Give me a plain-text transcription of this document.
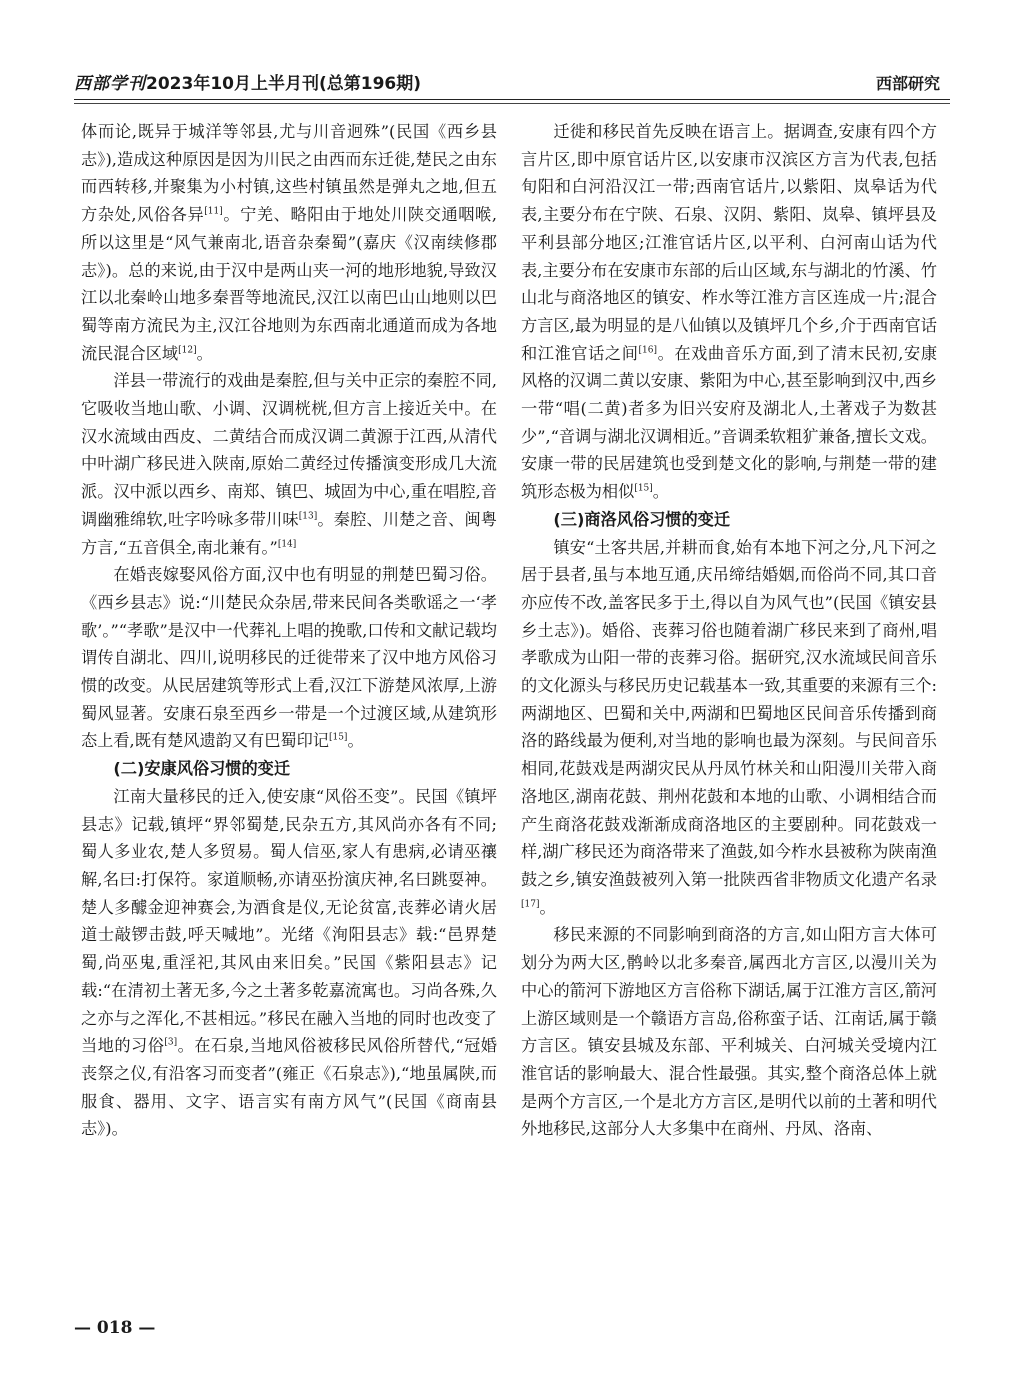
西部学刊2023年10月上半月刊(总第196期)	西部研究

体而论,既异于城洋等邻县,尤与川音迥殊”(民国《西乡县志》),造成这种原因是因为川民之由西而东迁徙,楚民之由东而西转移,并聚集为小村镇,这些村镇虽然是弹丸之地,但五方杂处,风俗各异[11]。宁羌、略阳由于地处川陕交通咽喉,所以这里是“风气兼南北,语音杂秦蜀”(嘉庆《汉南续修郡志》)。总的来说,由于汉中是两山夹一河的地形地貌,导致汉江以北秦岭山地多秦晋等地流民,汉江以南巴山山地则以巴蜀等南方流民为主,汉江谷地则为东西南北通道而成为各地流民混合区域[12]。

洋县一带流行的戏曲是秦腔,但与关中正宗的秦腔不同,它吸收当地山歌、小调、汉调桄桄,但方言上接近关中。在汉水流域由西皮、二黄结合而成汉调二黄源于江西,从清代中叶湖广移民进入陕南,原始二黄经过传播演变形成几大流派。汉中派以西乡、南郑、镇巴、城固为中心,重在唱腔,音调幽雅绵软,吐字吟咏多带川味[13]。秦腔、川楚之音、闽粤方言,“五音俱全,南北兼有。”[14]

在婚丧嫁娶风俗方面,汉中也有明显的荆楚巴蜀习俗。《西乡县志》说:“川楚民众杂居,带来民间各类歌谣之一‘孝歌’。”“孝歌”是汉中一代葬礼上唱的挽歌,口传和文献记载均谓传自湖北、四川,说明移民的迁徙带来了汉中地方风俗习惯的改变。从民居建筑等形式上看,汉江下游楚风浓厚,上游蜀风显著。安康石泉至西乡一带是一个过渡区域,从建筑形态上看,既有楚风遗韵又有巴蜀印记[15]。

(二)安康风俗习惯的变迁

江南大量移民的迁入,使安康“风俗丕变”。民国《镇坪县志》记载,镇坪“界邻蜀楚,民杂五方,其风尚亦各有不同;蜀人多业农,楚人多贸易。蜀人信巫,家人有患病,必请巫禳解,名曰:打保符。家道顺畅,亦请巫扮演庆神,名曰跳耍神。楚人多醵金迎神赛会,为酒食是仪,无论贫富,丧葬必请火居道士敲锣击鼓,呼天喊地”。光绪《洵阳县志》载:“邑界楚蜀,尚巫鬼,重淫祀,其风由来旧矣。”民国《紫阳县志》记载:“在清初土著无多,今之土著多乾嘉流寓也。习尚各殊,久之亦与之浑化,不甚相远。”移民在融入当地的同时也改变了当地的习俗[3]。在石泉,当地风俗被移民风俗所替代,“冠婚丧祭之仪,有沿客习而变者”(雍正《石泉志》),“地虽属陕,而服食、器用、文字、语言实有南方风气”(民国《商南县志》)。

迁徙和移民首先反映在语言上。据调查,安康有四个方言片区,即中原官话片区,以安康市汉滨区方言为代表,包括旬阳和白河沿汉江一带;西南官话片,以紫阳、岚皋话为代表,主要分布在宁陕、石泉、汉阴、紫阳、岚皋、镇坪县及平利县部分地区;江淮官话片区,以平利、白河南山话为代表,主要分布在安康市东部的后山区域,东与湖北的竹溪、竹山北与商洛地区的镇安、柞水等江淮方言区连成一片;混合方言区,最为明显的是八仙镇以及镇坪几个乡,介于西南官话和江淮官话之间[16]。在戏曲音乐方面,到了清末民初,安康风格的汉调二黄以安康、紫阳为中心,甚至影响到汉中,西乡一带“唱(二黄)者多为旧兴安府及湖北人,土著戏子为数甚少”,“音调与湖北汉调相近。”音调柔软粗犷兼备,擅长文戏。安康一带的民居建筑也受到楚文化的影响,与荆楚一带的建筑形态极为相似[15]。

(三)商洛风俗习惯的变迁

镇安“土客共居,并耕而食,始有本地下河之分,凡下河之居于县者,虽与本地互通,庆吊缔结婚姻,而俗尚不同,其口音亦应传不改,盖客民多于土,得以自为风气也”(民国《镇安县乡土志》)。婚俗、丧葬习俗也随着湖广移民来到了商州,唱孝歌成为山阳一带的丧葬习俗。据研究,汉水流域民间音乐的文化源头与移民历史记载基本一致,其重要的来源有三个:两湖地区、巴蜀和关中,两湖和巴蜀地区民间音乐传播到商洛的路线最为便利,对当地的影响也最为深刻。与民间音乐相同,花鼓戏是两湖灾民从丹凤竹林关和山阳漫川关带入商洛地区,湖南花鼓、荆州花鼓和本地的山歌、小调相结合而产生商洛花鼓戏渐渐成商洛地区的主要剧种。同花鼓戏一样,湖广移民还为商洛带来了渔鼓,如今柞水县被称为陕南渔鼓之乡,镇安渔鼓被列入第一批陕西省非物质文化遗产名录[17]。

移民来源的不同影响到商洛的方言,如山阳方言大体可划分为两大区,鹘岭以北多秦音,属西北方言区,以漫川关为中心的箭河下游地区方言俗称下湖话,属于江淮方言区,箭河上游区域则是一个赣语方言岛,俗称蛮子话、江南话,属于赣方言区。镇安县城及东部、平利城关、白河城关受境内江淮官话的影响最大、混合性最强。其实,整个商洛总体上就是两个方言区,一个是北方方言区,是明代以前的土著和明代外地移民,这部分人大多集中在商州、丹凤、洛南、

— 018 —
